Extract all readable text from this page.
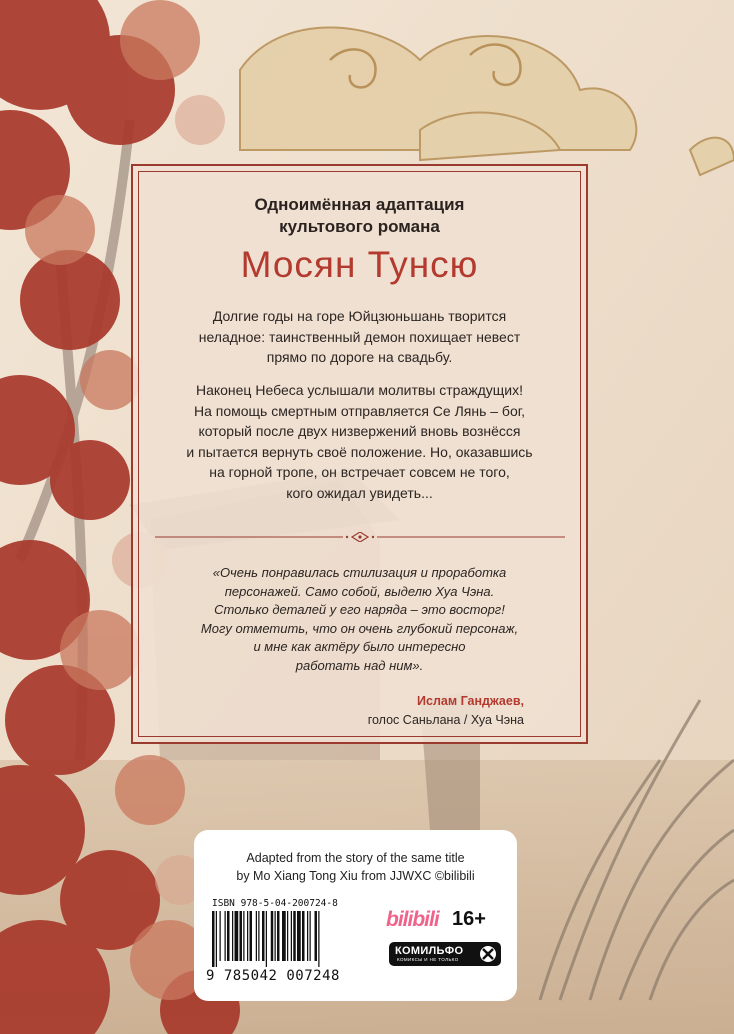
Одноимённая адаптация
культового романа
Мосян Тунсю
Долгие годы на горе Юйцзюньшань творится
неладное: таинственный демон похищает невест
прямо по дороге на свадьбу.
Наконец Небеса услышали молитвы страждущих!
На помощь смертным отправляется Се Лянь – бог,
который после двух низвержений вновь вознёсся
и пытается вернуть своё положение. Но, оказавшись
на горной тропе, он встречает совсем не того,
кого ожидал увидеть...
«Очень понравилась стилизация и проработка
персонажей. Само собой, выделю Хуа Чэна.
Столько деталей у его наряда – это восторг!
Могу отметить, что он очень глубокий персонаж,
и мне как актёру было интересно
работать над ним».
Ислам Ганджаев,
голос Саньлана / Хуа Чэна
Adapted from the story of the same title
by Mo Xiang Tong Xiu from JJWXC ©bilibili
ISBN 978-5-04-200724-8
9 785042 007248
bilibili 16+
КОМИЛЬФО
КОМИКСЫ И НЕ ТОЛЬКО
